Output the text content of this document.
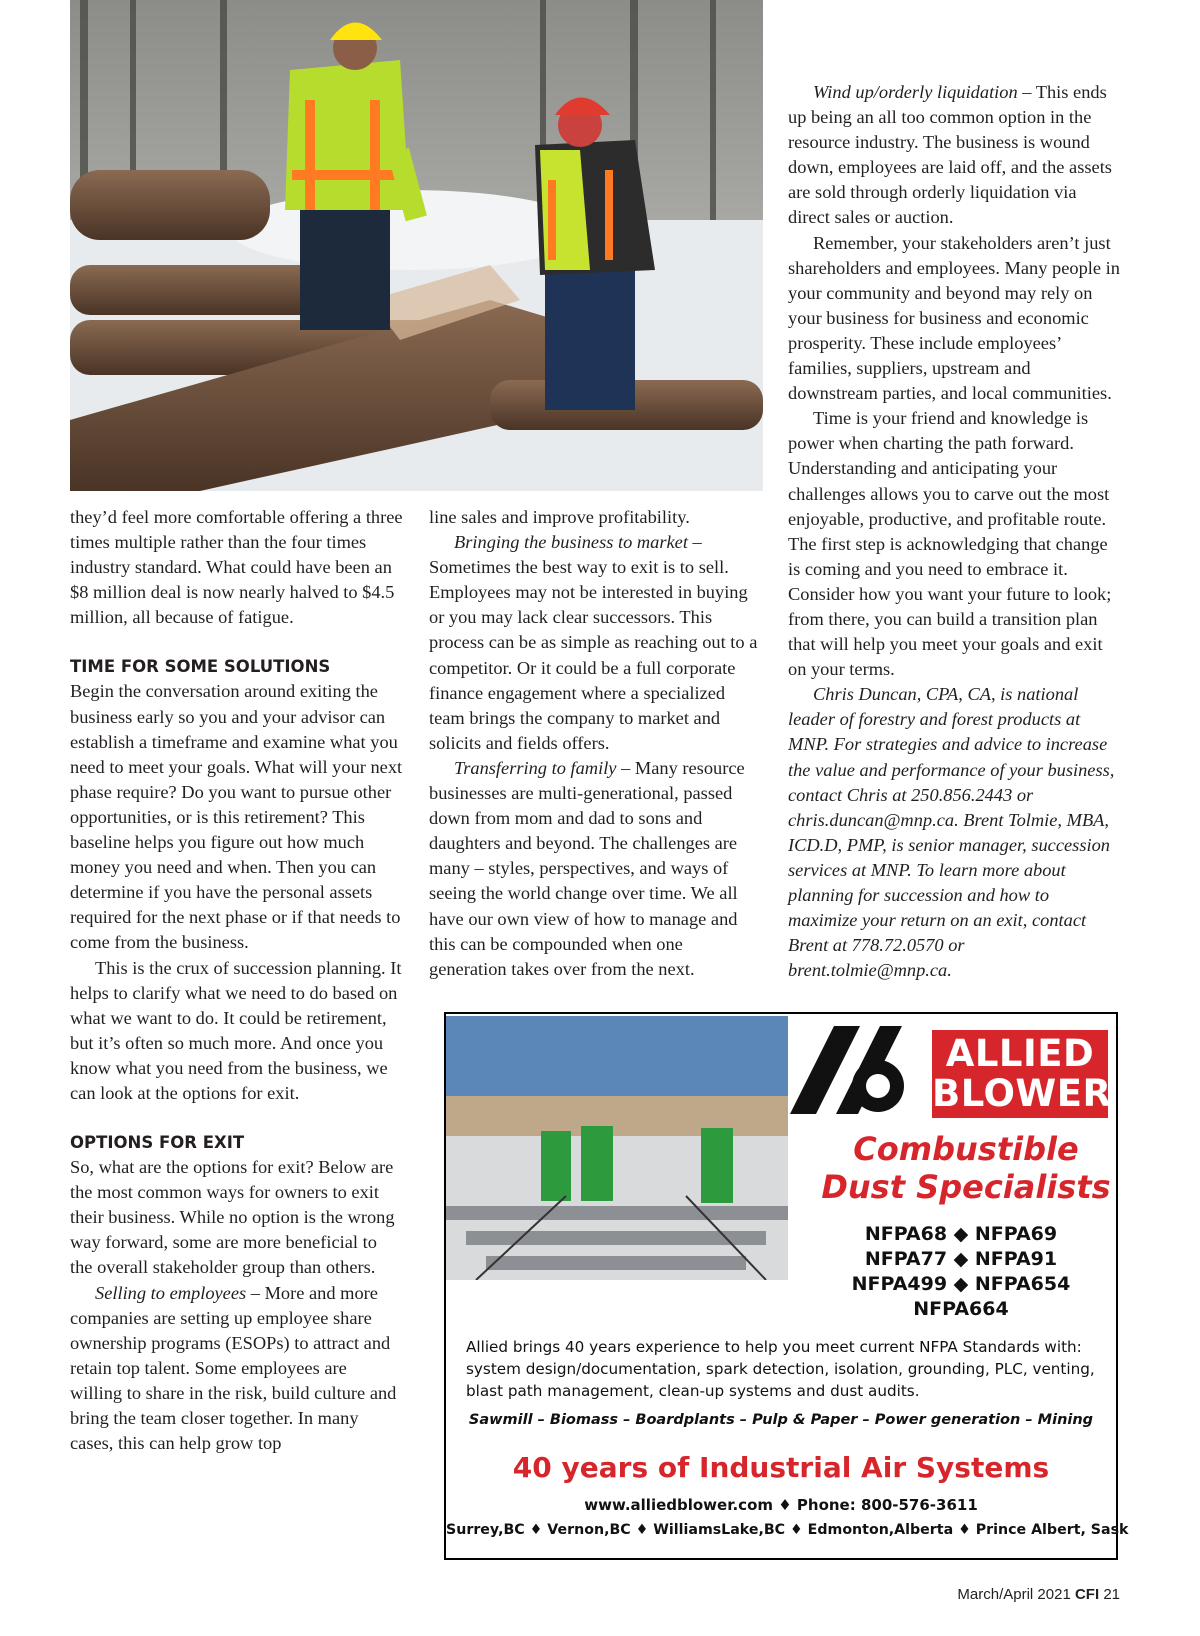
they’d feel more comfortable offering a three times multiple rather than the four times industry standard. What could have been an $8 million deal is now nearly halved to $4.5 million, all because of fatigue.

TIME FOR SOME SOLUTIONS

Begin the conversation around exiting the business early so you and your advisor can establish a timeframe and examine what you need to meet your goals. What will your next phase require? Do you want to pursue other opportunities, or is this retirement? This baseline helps you figure out how much money you need and when. Then you can determine if you have the personal assets required for the next phase or if that needs to come from the business.

This is the crux of succession planning. It helps to clarify what we need to do based on what we want to do. It could be retirement, but it’s often so much more. And once you know what you need from the business, we can look at the options for exit.

OPTIONS FOR EXIT

So, what are the options for exit? Below are the most common ways for owners to exit their business. While no option is the wrong way forward, some are more beneficial to the overall stakeholder group than others.

Selling to employees – More and more companies are setting up employee share ownership programs (ESOPs) to attract and retain top talent. Some employees are willing to share in the risk, build culture and bring the team closer together. In many cases, this can help grow top

line sales and improve profitability.

Bringing the business to market – Sometimes the best way to exit is to sell. Employees may not be interested in buying or you may lack clear successors. This process can be as simple as reaching out to a competitor. Or it could be a full corporate finance engagement where a specialized team brings the company to market and solicits and fields offers.

Transferring to family – Many resource businesses are multi-generational, passed down from mom and dad to sons and daughters and beyond. The challenges are many – styles, perspectives, and ways of seeing the world change over time. We all have our own view of how to manage and this can be compounded when one generation takes over from the next.

Wind up/orderly liquidation – This ends up being an all too common option in the resource industry. The business is wound down, employees are laid off, and the assets are sold through orderly liquidation via direct sales or auction.

Remember, your stakeholders aren’t just shareholders and employees. Many people in your community and beyond may rely on your business for business and economic prosperity. These include employees’ families, suppliers, upstream and downstream parties, and local communities.

Time is your friend and knowledge is power when charting the path forward. Understanding and anticipating your challenges allows you to carve out the most enjoyable, productive, and profitable route. The first step is acknowledging that change is coming and you need to embrace it. Consider how you want your future to look; from there, you can build a transition plan that will help you meet your goals and exit on your terms.

Chris Duncan, CPA, CA, is national leader of forestry and forest products at MNP. For strategies and advice to increase the value and performance of your business, contact Chris at 250.856.2443 or chris.duncan@mnp.ca. Brent Tolmie, MBA, ICD.D, PMP, is senior manager, succession services at MNP. To learn more about planning for succession and how to maximize your return on an exit, contact Brent at 778.72.0570 or brent.tolmie@mnp.ca.

ALLIED
BLOWER
Combustible
Dust Specialists
NFPA68 ◆ NFPA69
NFPA77 ◆ NFPA91
NFPA499 ◆ NFPA654
NFPA664
Allied brings 40 years experience to help you meet current NFPA Standards with:
system design/documentation, spark detection, isolation, grounding, PLC, venting,
blast path management, clean-up systems and dust audits.
Sawmill – Biomass – Boardplants – Pulp & Paper – Power generation – Mining
40 years of Industrial Air Systems
www.alliedblower.com ♦ Phone: 800-576-3611
Surrey,BC ♦ Vernon,BC ♦ WilliamsLake,BC ♦ Edmonton,Alberta ♦ Prince Albert, Sask
March/April 2021 CFI 21
